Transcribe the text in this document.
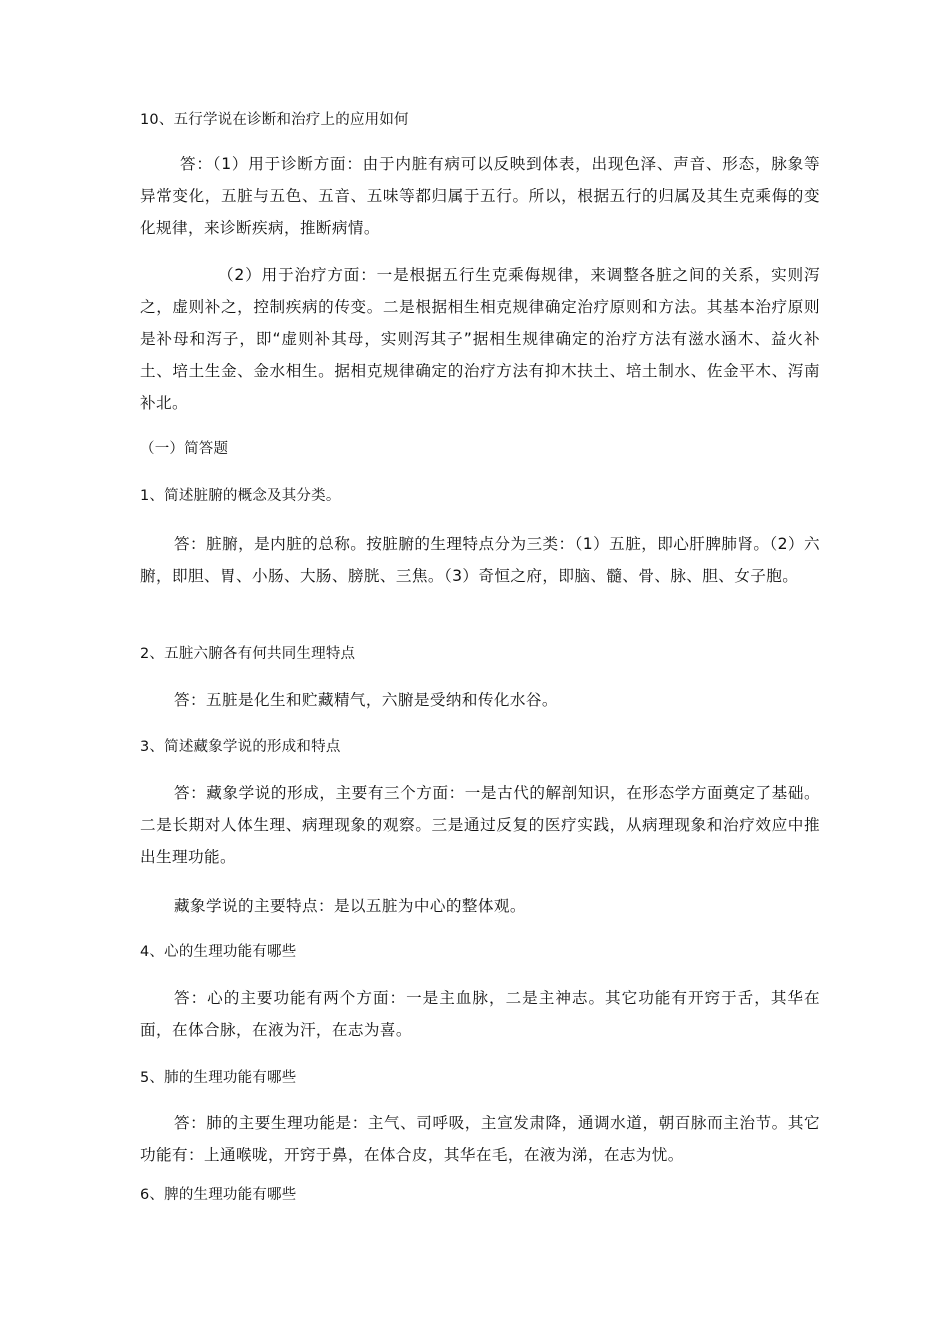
10、五行学说在诊断和治疗上的应用如何

答：（1）用于诊断方面：由于内脏有病可以反映到体表，出现色泽、声音、形态，脉象等异常变化，五脏与五色、五音、五味等都归属于五行。所以，根据五行的归属及其生克乘侮的变化规律，来诊断疾病，推断病情。

（2）用于治疗方面：一是根据五行生克乘侮规律，来调整各脏之间的关系，实则泻之，虚则补之，控制疾病的传变。二是根据相生相克规律确定治疗原则和方法。其基本治疗原则是补母和泻子，即“虚则补其母，实则泻其子”据相生规律确定的治疗方法有滋水涵木、益火补土、培土生金、金水相生。据相克规律确定的治疗方法有抑木扶土、培土制水、佐金平木、泻南补北。

（一）简答题
1、简述脏腑的概念及其分类。

答：脏腑，是内脏的总称。按脏腑的生理特点分为三类：（1）五脏，即心肝脾肺肾。（2）六腑，即胆、胃、小肠、大肠、膀胱、三焦。（3）奇恒之府，即脑、髓、骨、脉、胆、女子胞。

2、五脏六腑各有何共同生理特点

答：五脏是化生和贮藏精气，六腑是受纳和传化水谷。

3、简述藏象学说的形成和特点

答：藏象学说的形成，主要有三个方面：一是古代的解剖知识，在形态学方面奠定了基础。二是长期对人体生理、病理现象的观察。三是通过反复的医疗实践，从病理现象和治疗效应中推出生理功能。

藏象学说的主要特点：是以五脏为中心的整体观。

4、心的生理功能有哪些

答：心的主要功能有两个方面：一是主血脉，二是主神志。其它功能有开窍于舌，其华在面，在体合脉，在液为汗，在志为喜。

5、肺的生理功能有哪些

答：肺的主要生理功能是：主气、司呼吸，主宣发肃降，通调水道，朝百脉而主治节。其它功能有：上通喉咙，开窍于鼻，在体合皮，其华在毛，在液为涕，在志为忧。

6、脾的生理功能有哪些
